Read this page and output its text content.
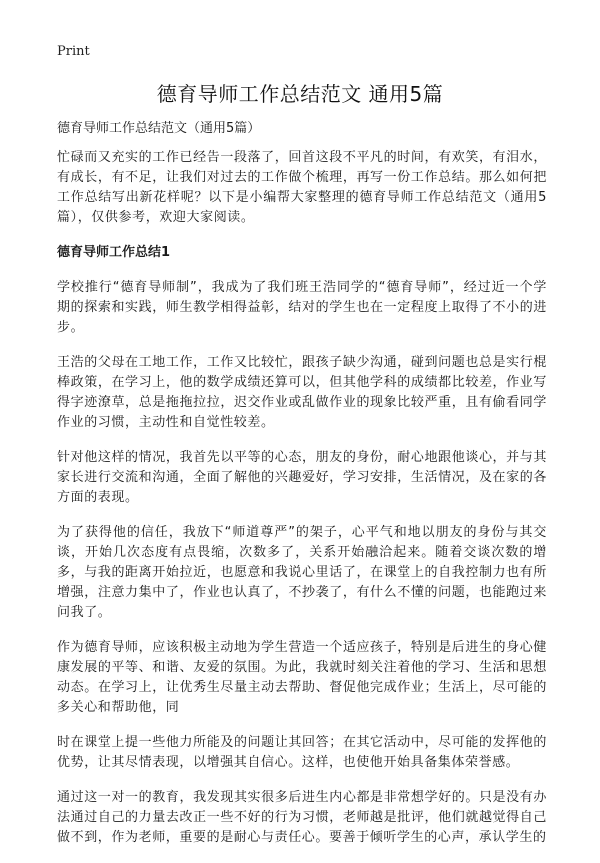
Print
德育导师工作总结范文 通用5篇

德育导师工作总结范文（通用5篇）

忙碌而又充实的工作已经告一段落了，回首这段不平凡的时间，有欢笑，有泪水，有成长，有不足，让我们对过去的工作做个梳理，再写一份工作总结。那么如何把工作总结写出新花样呢？以下是小编帮大家整理的德育导师工作总结范文（通用5篇），仅供参考，欢迎大家阅读。

德育导师工作总结1

学校推行“德育导师制”，我成为了我们班王浩同学的“德育导师”，经过近一个学期的探索和实践，师生教学相得益彰，结对的学生也在一定程度上取得了不小的进步。

王浩的父母在工地工作，工作又比较忙，跟孩子缺少沟通，碰到问题也总是实行棍棒政策，在学习上，他的数学成绩还算可以，但其他学科的成绩都比较差，作业写得字迹潦草，总是拖拖拉拉，迟交作业或乱做作业的现象比较严重，且有偷看同学作业的习惯，主动性和自觉性较差。

针对他这样的情况，我首先以平等的心态，朋友的身份，耐心地跟他谈心，并与其家长进行交流和沟通，全面了解他的兴趣爱好，学习安排，生活情况，及在家的各方面的表现。

为了获得他的信任，我放下“师道尊严”的架子，心平气和地以朋友的身份与其交谈，开始几次态度有点畏缩，次数多了，关系开始融洽起来。随着交谈次数的增多，与我的距离开始拉近，也愿意和我说心里话了，在课堂上的自我控制力也有所增强，注意力集中了，作业也认真了，不抄袭了，有什么不懂的问题，也能跑过来问我了。

作为德育导师，应该积极主动地为学生营造一个适应孩子，特别是后进生的身心健康发展的平等、和谐、友爱的氛围。为此，我就时刻关注着他的学习、生活和思想动态。在学习上，让优秀生尽量主动去帮助、督促他完成作业；生活上，尽可能的多关心和帮助他，同

时在课堂上提一些他力所能及的问题让其回答；在其它活动中，尽可能的发挥他的优势，让其尽情表现，以增强其自信心。这样，也使他开始具备集体荣誉感。

通过这一对一的教育，我发现其实很多后进生内心都是非常想学好的。只是没有办法通过自己的力量去改正一些不好的行为习惯，老师越是批评，他们就越觉得自己做不到，作为老师，重要的是耐心与责任心。要善于倾听学生的心声，承认学生的
